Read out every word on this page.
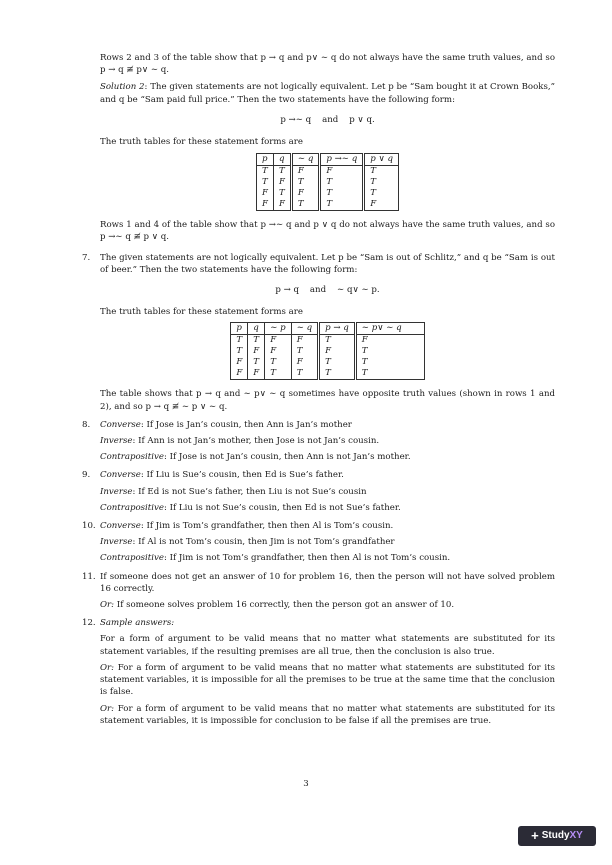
Rows 2 and 3 of the table show that p → q and p∨ ∼ q do not always have the same truth values, and so p → q ≢ p∨ ∼ q.

Solution 2: The given statements are not logically equivalent. Let p be “Sam bought it at Crown Books,” and q be “Sam paid full price.” Then the two statements have the following form:

p →∼ q    and    p ∨ q.

The truth tables for these statement forms are

p	q	∼ q	p →∼ q	p ∨ q
T	T	F	F	T
T	F	T	T	T
F	T	F	T	T
F	F	T	T	F

Rows 1 and 4 of the table show that p →∼ q and p ∨ q do not always have the same truth values, and so p →∼ q ≢ p ∨ q.

7. The given statements are not logically equivalent. Let p be “Sam is out of Schlitz,” and q be “Sam is out of beer.” Then the two statements have the following form:

p → q    and    ∼ q∨ ∼ p.

The truth tables for these statement forms are

p	q	∼ p	∼ q	p → q	∼ p∨ ∼ q
T	T	F	F	T	F
T	F	F	T	F	T
F	T	T	F	T	T
F	F	T	T	T	T

The table shows that p → q and ∼ p∨ ∼ q sometimes have opposite truth values (shown in rows 1 and 2), and so p → q ≢ ∼ p ∨ ∼ q.

8. Converse: If Jose is Jan’s cousin, then Ann is Jan’s mother

Inverse: If Ann is not Jan’s mother, then Jose is not Jan’s cousin.

Contrapositive: If Jose is not Jan’s cousin, then Ann is not Jan’s mother.

9. Converse: If Liu is Sue’s cousin, then Ed is Sue’s father.

Inverse: If Ed is not Sue’s father, then Liu is not Sue’s cousin

Contrapositive: If Liu is not Sue’s cousin, then Ed is not Sue’s father.

10. Converse: If Jim is Tom’s grandfather, then then Al is Tom’s cousin.

Inverse: If Al is not Tom’s cousin, then Jim is not Tom’s grandfather

Contrapositive: If Jim is not Tom’s grandfather, then then Al is not Tom’s cousin.

11. If someone does not get an answer of 10 for problem 16, then the person will not have solved problem 16 correctly.

Or: If someone solves problem 16 correctly, then the person got an answer of 10.

12. Sample answers:

For a form of argument to be valid means that no matter what statements are substituted for its statement variables, if the resulting premises are all true, then the conclusion is also true.

Or: For a form of argument to be valid means that no matter what statements are substituted for its statement variables, it is impossible for all the premises to be true at the same time that the conclusion is false.

Or: For a form of argument to be valid means that no matter what statements are substituted for its statement variables, it is impossible for conclusion to be false if all the premises are true.

3
+ Study XY
